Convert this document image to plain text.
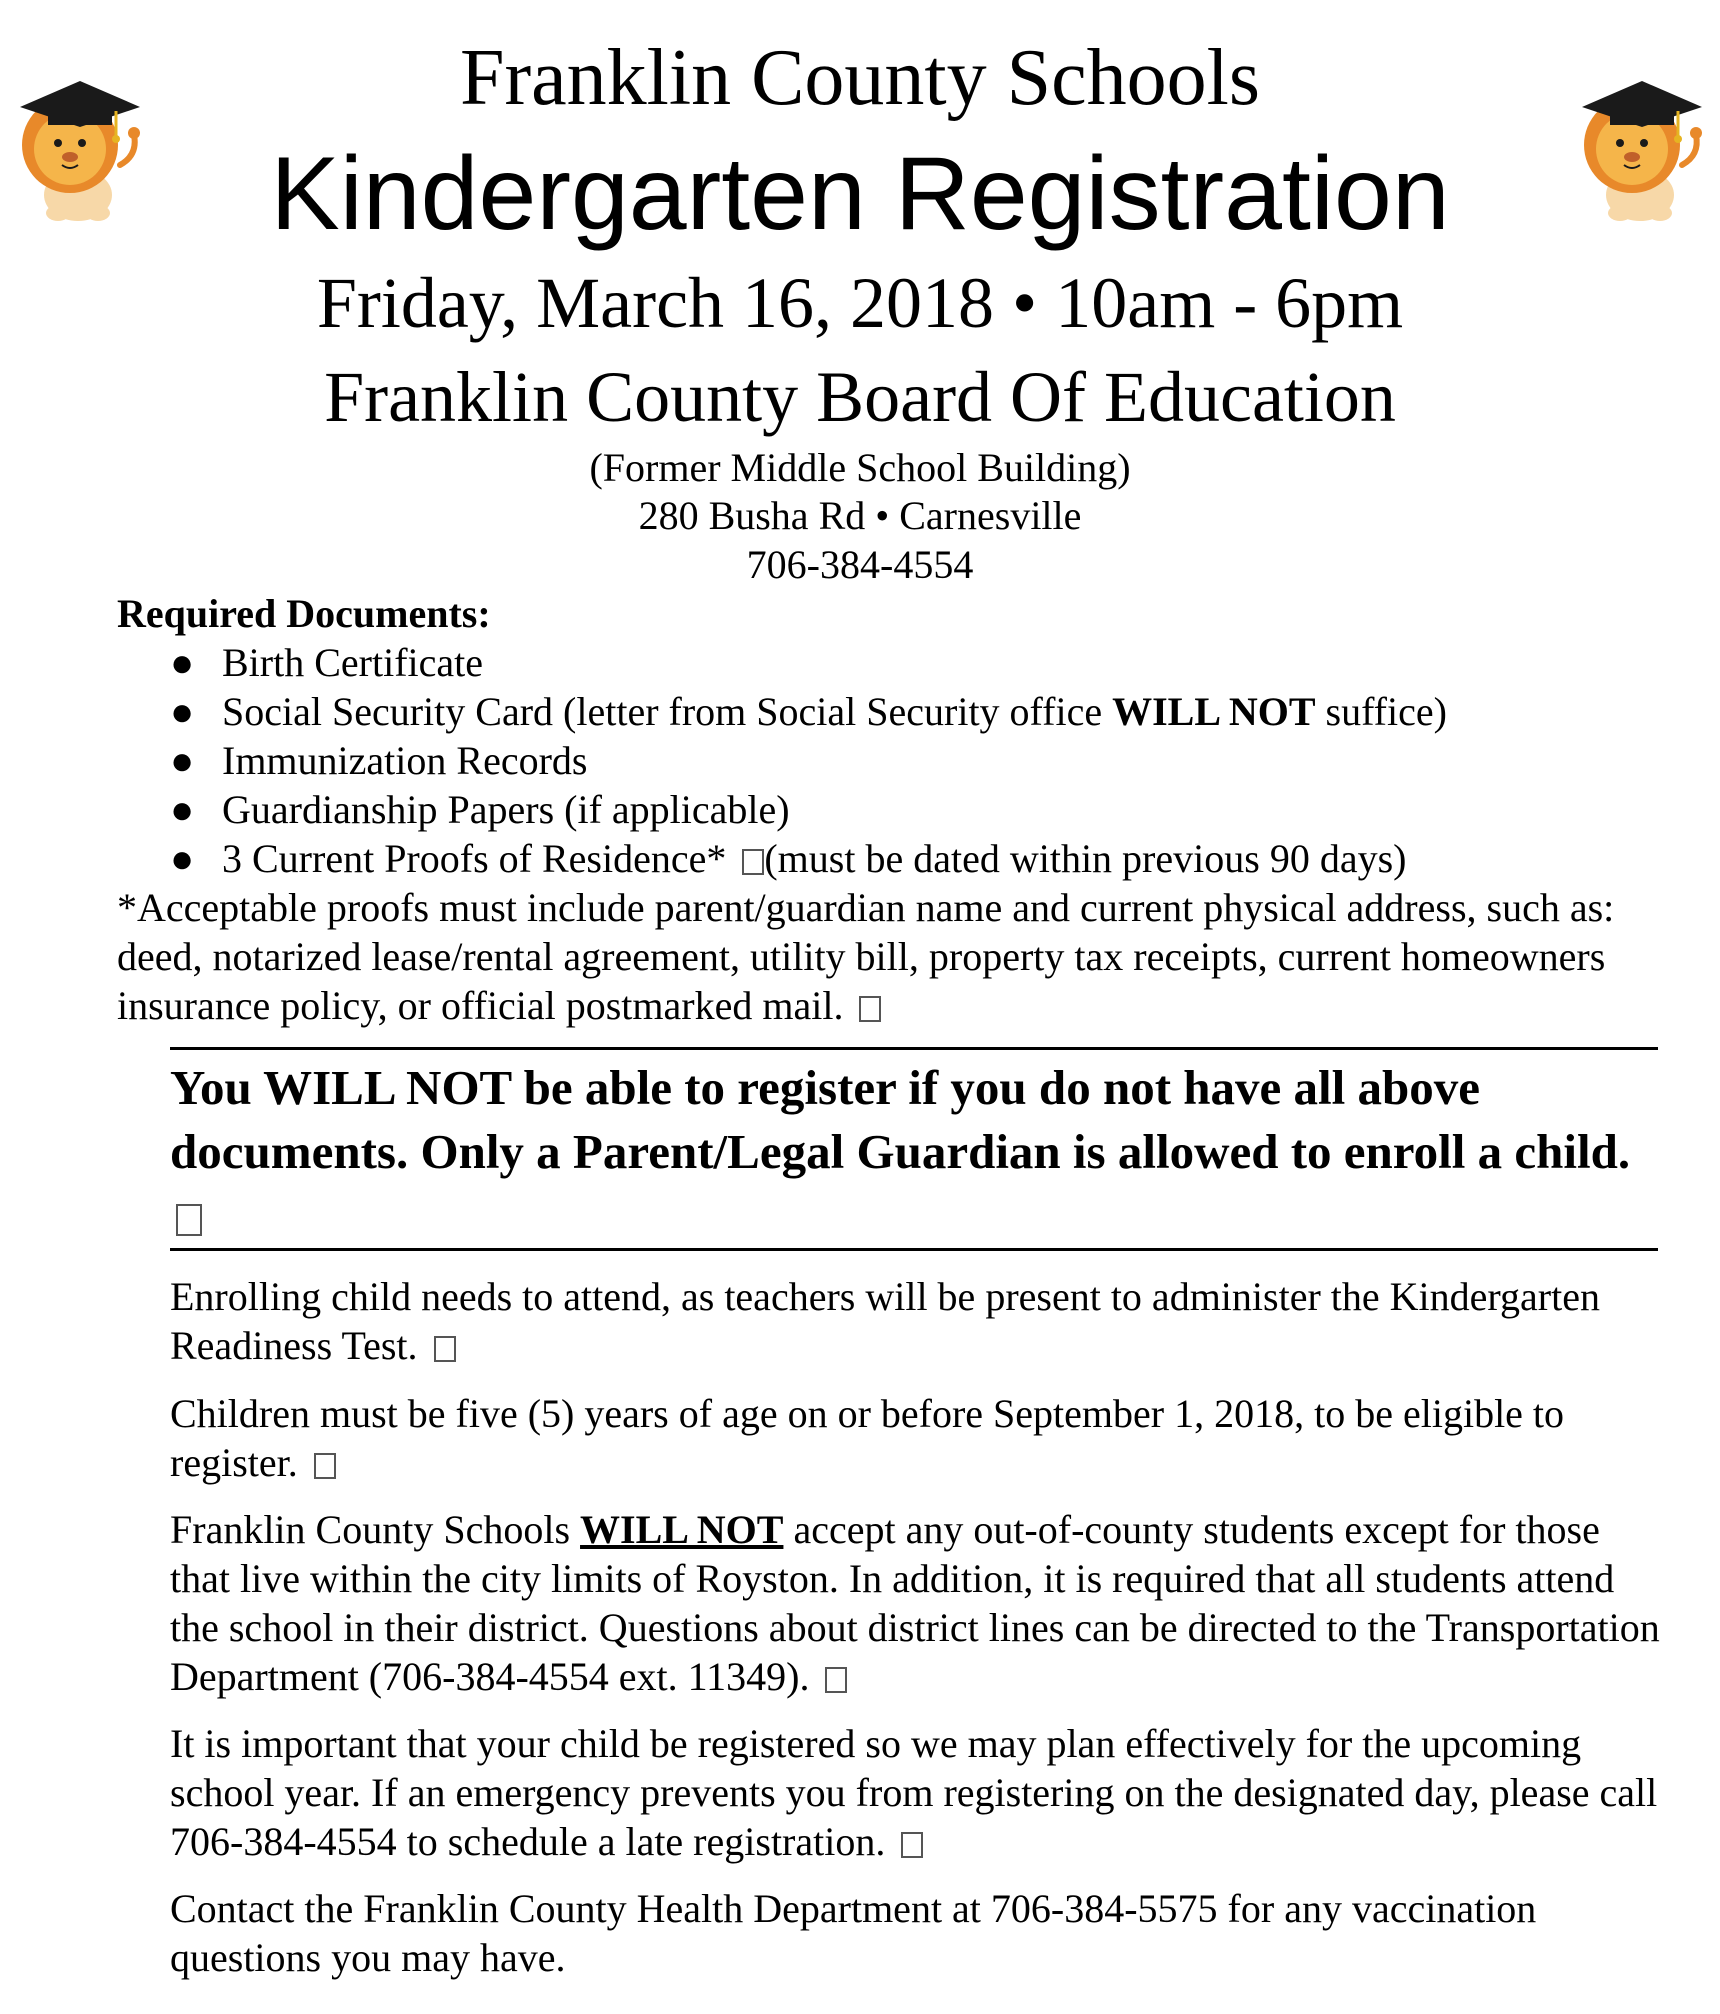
Franklin County Schools
Kindergarten Registration
Friday, March 16, 2018 • 10am - 6pm
Franklin County Board Of Education
(Former Middle School Building)
280 Busha Rd • Carnesville
706-384-4554
Required Documents:
● Birth Certificate
● Social Security Card (letter from Social Security office WILL NOT suffice)
● Immunization Records
● Guardianship Papers (if applicable)
● 3 Current Proofs of Residence* (must be dated within previous 90 days)
*Acceptable proofs must include parent/guardian name and current physical address, such as: deed, notarized lease/rental agreement, utility bill, property tax receipts, current homeowners insurance policy, or official postmarked mail.
You WILL NOT be able to register if you do not have all above documents. Only a Parent/Legal Guardian is allowed to enroll a child.
Enrolling child needs to attend, as teachers will be present to administer the Kindergarten Readiness Test.
Children must be five (5) years of age on or before September 1, 2018, to be eligible to register.
Franklin County Schools WILL NOT accept any out-of-county students except for those that live within the city limits of Royston. In addition, it is required that all students attend the school in their district. Questions about district lines can be directed to the Transportation Department (706-384-4554 ext. 11349).
It is important that your child be registered so we may plan effectively for the upcoming school year. If an emergency prevents you from registering on the designated day, please call 706-384-4554 to schedule a late registration.
Contact the Franklin County Health Department at 706-384-5575 for any vaccination questions you may have.
